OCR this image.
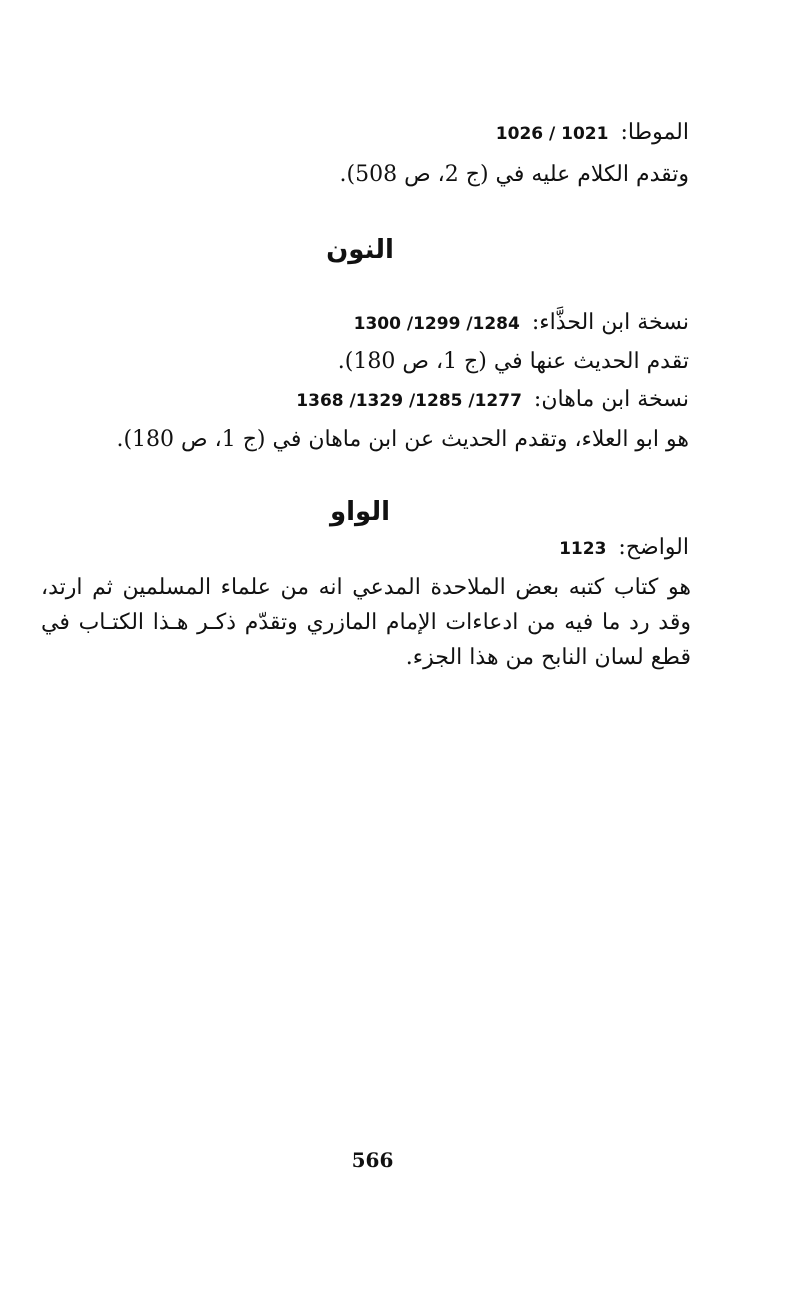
الموطا:1026 / 1021
وتقدم الكلام عليه في (ج 2، ص 508).
النون
نسخة ابن الحذَّاء:1300 /1299 /1284
تقدم الحديث عنها في (ج 1، ص 180).
نسخة ابن ماهان:1368 /1329 /1285 /1277
هو ابو العلاء، وتقدم الحديث عن ابن ماهان في (ج 1، ص 180).
الواو
الواضح:1123
هو كتاب كتبه بعض الملاحدة المدعي انه من علماء المسلمين ثم ارتد، وقد رد ما فيه من ادعاءات الإمام المازري وتقدّم ذكـر هـذا الكتـاب في قطع لسان النابح من هذا الجزء.
566
